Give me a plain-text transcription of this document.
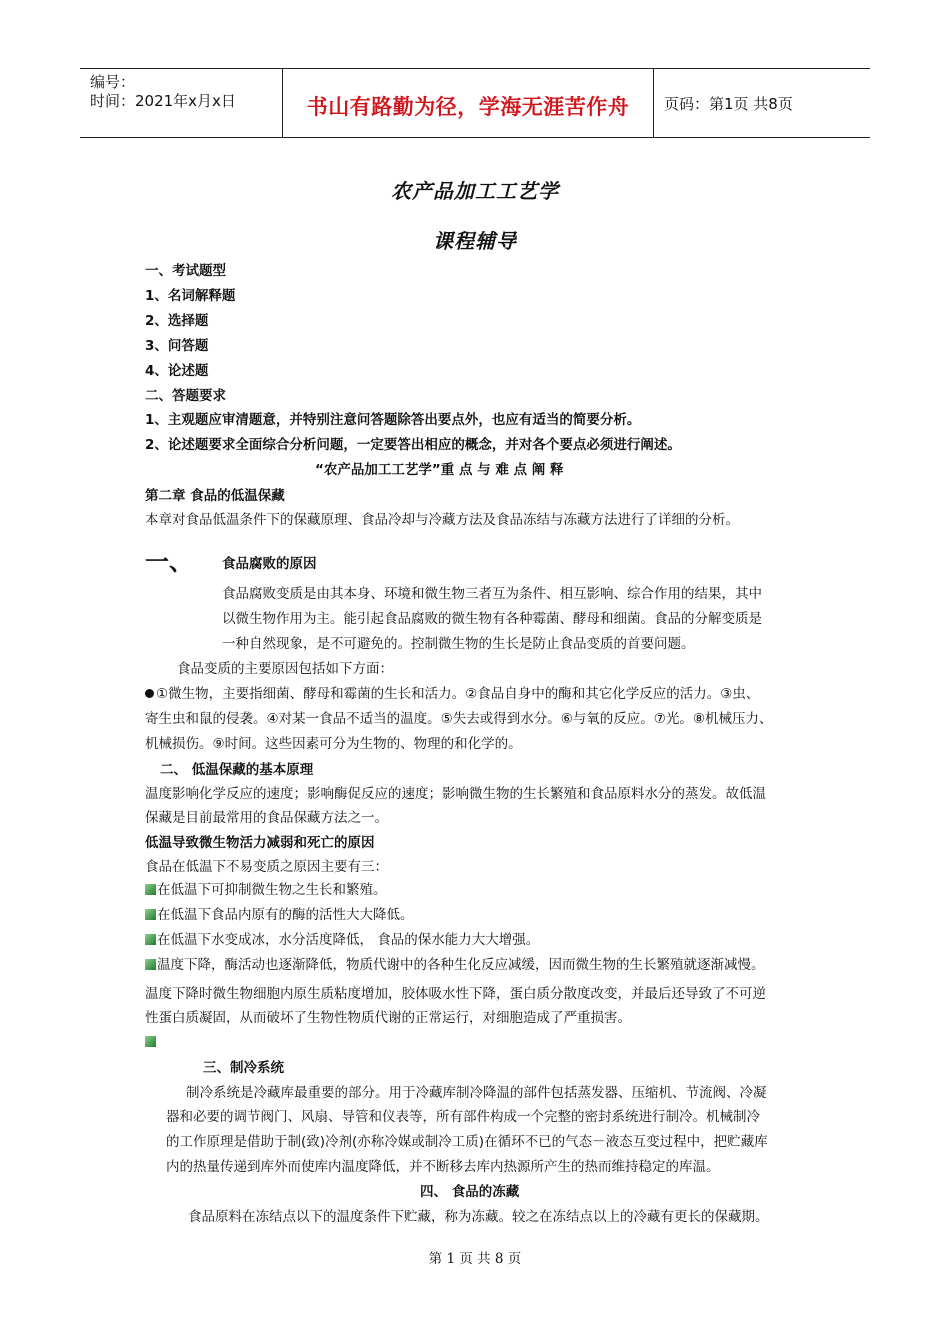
编号：
时间：2021年x月x日	书山有路勤为径，学海无涯苦作舟	页码：第1页 共8页
农产品加工工艺学
课程辅导
一、考试题型
1、名词解释题
2、选择题
3、问答题
4、论述题
二、答题要求
1、主观题应审清题意，并特别注意问答题除答出要点外，也应有适当的简要分析。
2、论述题要求全面综合分析问题，一定要答出相应的概念，并对各个要点必须进行阐述。
“农产品加工工艺学”重 点 与 难 点 阐 释
第二章 食品的低温保藏
本章对食品低温条件下的保藏原理、食品冷却与冷藏方法及食品冻结与冻藏方法进行了详细的分析。
一、 食品腐败的原因
食品腐败变质是由其本身、环境和微生物三者互为条件、相互影响、综合作用的结果，其中
以微生物作用为主。能引起食品腐败的微生物有各种霉菌、酵母和细菌。食品的分解变质是
一种自然现象，是不可避免的。控制微生物的生长是防止食品变质的首要问题。
食品变质的主要原因包括如下方面：
①微生物，主要指细菌、酵母和霉菌的生长和活力。②食品自身中的酶和其它化学反应的活力。③虫、
寄生虫和鼠的侵袭。④对某一食品不适当的温度。⑤失去或得到水分。⑥与氧的反应。⑦光。⑧机械压力、
机械损伤。⑨时间。这些因素可分为生物的、物理的和化学的。
二、 低温保藏的基本原理
温度影响化学反应的速度；影响酶促反应的速度；影响微生物的生长繁殖和食品原料水分的蒸发。故低温
保藏是目前最常用的食品保藏方法之一。
低温导致微生物活力减弱和死亡的原因
食品在低温下不易变质之原因主要有三：
在低温下可抑制微生物之生长和繁殖。
在低温下食品内原有的酶的活性大大降低。
在低温下水变成冰，水分活度降低， 食品的保水能力大大增强。
温度下降，酶活动也逐渐降低，物质代谢中的各种生化反应减缓，因而微生物的生长繁殖就逐渐减慢。
温度下降时微生物细胞内原生质粘度增加，胶体吸水性下降，蛋白质分散度改变，并最后还导致了不可逆
性蛋白质凝固，从而破坏了生物性物质代谢的正常运行，对细胞造成了严重损害。
三、制冷系统
制冷系统是冷藏库最重要的部分。用于冷藏库制冷降温的部件包括蒸发器、压缩机、节流阀、冷凝
器和必要的调节阀门、风扇、导管和仪表等，所有部件构成一个完整的密封系统进行制冷。机械制冷
的工作原理是借助于制(致)冷剂(亦称冷媒或制冷工质)在循环不已的气态－液态互变过程中，把贮藏库
内的热量传递到库外而使库内温度降低，并不断移去库内热源所产生的热而维持稳定的库温。
四、 食品的冻藏
食品原料在冻结点以下的温度条件下贮藏，称为冻藏。较之在冻结点以上的冷藏有更长的保藏期。
第 1 页 共 8 页
